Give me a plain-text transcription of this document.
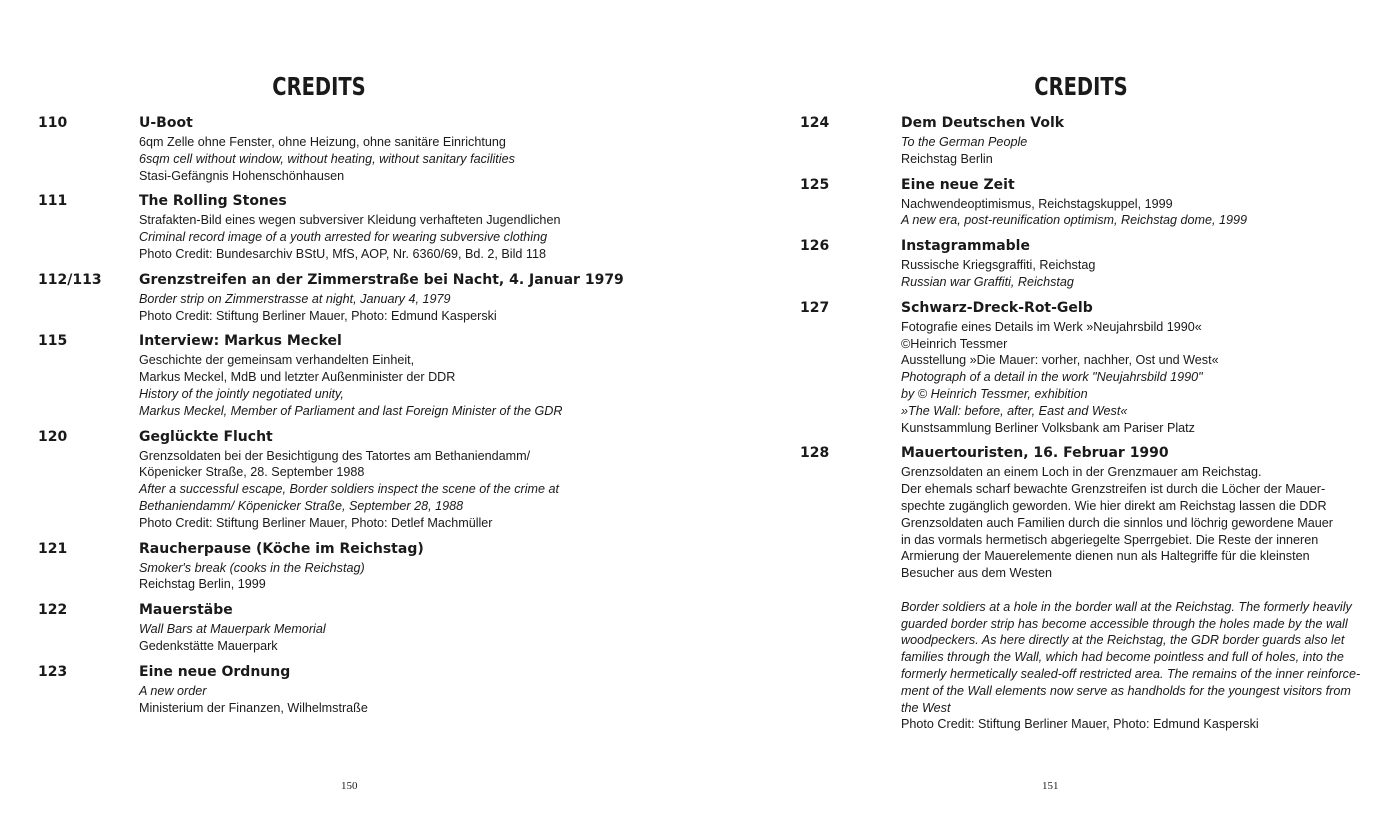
CREDITS
110	U-Boot
6qm Zelle ohne Fenster, ohne Heizung, ohne sanitäre Einrichtung
6sqm cell without window, without heating, without sanitary facilities
Stasi-Gefängnis Hohenschönhausen
111	The Rolling Stones
Strafakten-Bild eines wegen subversiver Kleidung verhafteten Jugendlichen
Criminal record image of a youth arrested for wearing subversive clothing
Photo Credit: Bundesarchiv BStU, MfS, AOP, Nr. 6360/69, Bd. 2, Bild 118
112/113	Grenzstreifen an der Zimmerstraße bei Nacht, 4. Januar 1979
Border strip on Zimmerstrasse at night, January 4, 1979
Photo Credit: Stiftung Berliner Mauer, Photo: Edmund Kasperski
115	Interview: Markus Meckel
Geschichte der gemeinsam verhandelten Einheit,
Markus Meckel, MdB und letzter Außenminister der DDR
History of the jointly negotiated unity,
Markus Meckel, Member of Parliament and last Foreign Minister of the GDR
120	Geglückte Flucht
Grenzsoldaten bei der Besichtigung des Tatortes am Bethaniendamm/
Köpenicker Straße, 28. September 1988
After a successful escape, Border soldiers inspect the scene of the crime at
Bethaniendamm/ Köpenicker Straße, September 28, 1988
Photo Credit: Stiftung Berliner Mauer, Photo: Detlef Machmüller
121	Raucherpause (Köche im Reichstag)
Smoker's break (cooks in the Reichstag)
Reichstag Berlin, 1999
122	Mauerstäbe
Wall Bars at Mauerpark Memorial
Gedenkstätte Mauerpark
123	Eine neue Ordnung
A new order
Ministerium der Finanzen, Wilhelmstraße
150
CREDITS
124	Dem Deutschen Volk
To the German People
Reichstag Berlin
125	Eine neue Zeit
Nachwendeoptimismus, Reichstagskuppel, 1999
A new era, post-reunification optimism, Reichstag dome, 1999
126	Instagrammable
Russische Kriegsgraffiti, Reichstag
Russian war Graffiti, Reichstag
127	Schwarz-Dreck-Rot-Gelb
Fotografie eines Details im Werk »Neujahrsbild 1990«
©Heinrich Tessmer
Ausstellung »Die Mauer: vorher, nachher, Ost und West«
Photograph of a detail in the work "Neujahrsbild 1990"
by © Heinrich Tessmer, exhibition
»The Wall: before, after, East and West«
Kunstsammlung Berliner Volksbank am Pariser Platz
128	Mauertouristen, 16. Februar 1990
Grenzsoldaten an einem Loch in der Grenzmauer am Reichstag.
Der ehemals scharf bewachte Grenzstreifen ist durch die Löcher der Mauer-
spechte zugänglich geworden. Wie hier direkt am Reichstag lassen die DDR
Grenzsoldaten auch Familien durch die sinnlos und löchrig gewordene Mauer
in das vormals hermetisch abgeriegelte Sperrgebiet. Die Reste der inneren
Armierung der Mauerelemente dienen nun als Haltegriffe für die kleinsten
Besucher aus dem Westen
Border soldiers at a hole in the border wall at the Reichstag. The formerly heavily
guarded border strip has become accessible through the holes made by the wall
woodpeckers. As here directly at the Reichstag, the GDR border guards also let
families through the Wall, which had become pointless and full of holes, into the
formerly hermetically sealed-off restricted area. The remains of the inner reinforce-
ment of the Wall elements now serve as handholds for the youngest visitors from
the West
Photo Credit: Stiftung Berliner Mauer, Photo: Edmund Kasperski
151
